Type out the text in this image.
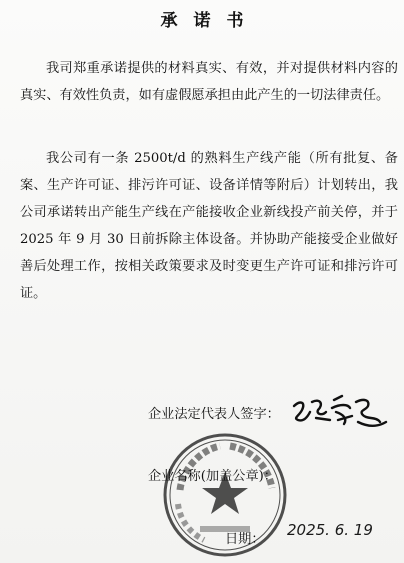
承诺书

我司郑重承诺提供的材料真实、有效，并对提供材料内容的真实、有效性负责，如有虚假愿承担由此产生的一切法律责任。

我公司有一条 2500t/d 的熟料生产线产能（所有批复、备案、生产许可证、排污许可证、设备详情等附后）计划转出，我公司承诺转出产能生产线在产能接收企业新线投产前关停，并于 2025 年 9 月 30 日前拆除主体设备。并协助产能接受企业做好善后处理工作，按相关政策要求及时变更生产许可证和排污许可证。

企业法定代表人签字：
企业名称(加盖公章)：
日期：
2025. 6. 19
